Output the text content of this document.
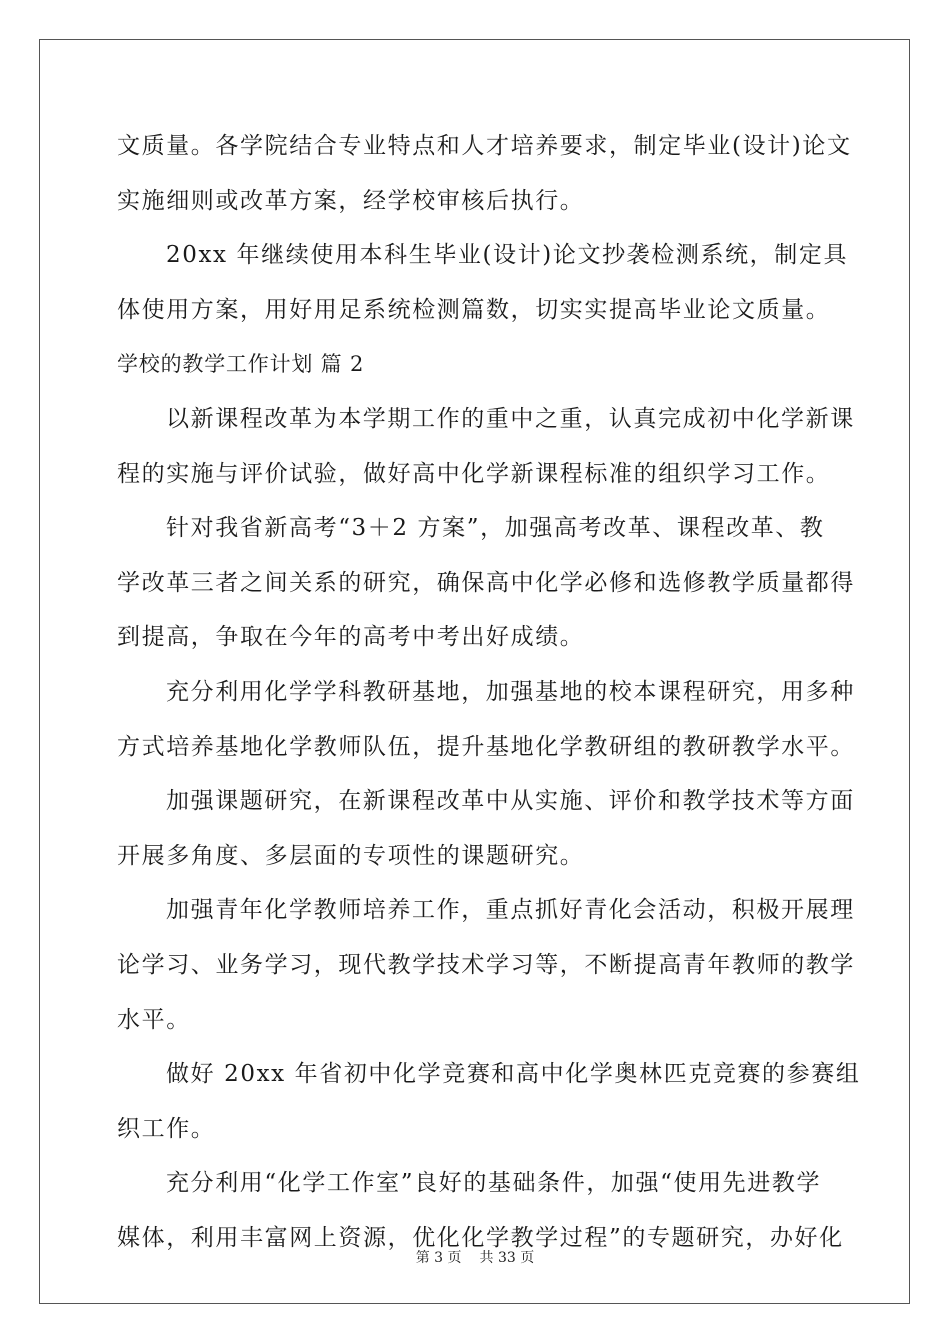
文质量。各学院结合专业特点和人才培养要求，制定毕业(设计)论文
实施细则或改革方案，经学校审核后执行。
20xx 年继续使用本科生毕业(设计)论文抄袭检测系统，制定具
体使用方案，用好用足系统检测篇数，切实实提高毕业论文质量。
学校的教学工作计划 篇 2
以新课程改革为本学期工作的重中之重，认真完成初中化学新课
程的实施与评价试验，做好高中化学新课程标准的组织学习工作。
针对我省新高考“3＋2 方案”，加强高考改革、课程改革、教
学改革三者之间关系的研究，确保高中化学必修和选修教学质量都得
到提高，争取在今年的高考中考出好成绩。
充分利用化学学科教研基地，加强基地的校本课程研究，用多种
方式培养基地化学教师队伍，提升基地化学教研组的教研教学水平。
加强课题研究，在新课程改革中从实施、评价和教学技术等方面
开展多角度、多层面的专项性的课题研究。
加强青年化学教师培养工作，重点抓好青化会活动，积极开展理
论学习、业务学习，现代教学技术学习等，不断提高青年教师的教学
水平。
做好 20xx 年省初中化学竞赛和高中化学奥林匹克竞赛的参赛组
织工作。
充分利用“化学工作室”良好的基础条件，加强“使用先进教学
媒体，利用丰富网上资源，优化化学教学过程”的专题研究，办好化
第 3 页 共 33 页
